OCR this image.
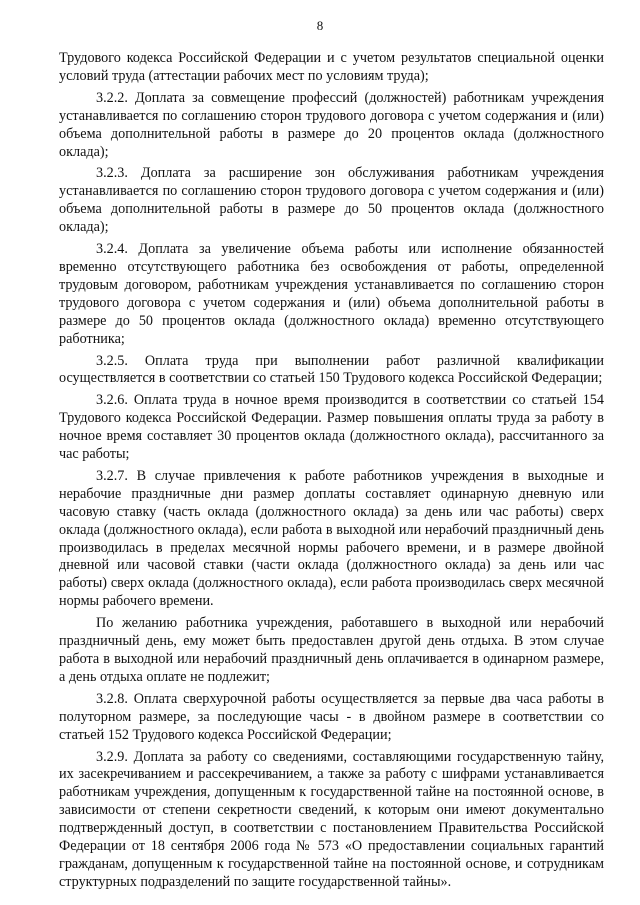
8

Трудового кодекса Российской Федерации и с учетом результатов специальной оценки условий труда (аттестации рабочих мест по условиям труда);

3.2.2. Доплата за совмещение профессий (должностей) работникам учреждения устанавливается по соглашению сторон трудового договора с учетом содержания и (или) объема дополнительной работы в размере до 20 процентов оклада (должностного оклада);

3.2.3. Доплата за расширение зон обслуживания работникам учреждения устанавливается по соглашению сторон трудового договора с учетом содержания и (или) объема дополнительной работы в размере до 50 процентов оклада (должностного оклада);

3.2.4. Доплата за увеличение объема работы или исполнение обязанностей временно отсутствующего работника без освобождения от работы, определенной трудовым договором, работникам учреждения устанавливается по соглашению сторон трудового договора с учетом содержания и (или) объема дополнительной работы в размере до 50 процентов оклада (должностного оклада) временно отсутствующего работника;

3.2.5. Оплата труда при выполнении работ различной квалификации осуществляется в соответствии со статьей 150 Трудового кодекса Российской Федерации;

3.2.6. Оплата труда в ночное время производится в соответствии со статьей 154 Трудового кодекса Российской Федерации. Размер повышения оплаты труда за работу в ночное время составляет 30 процентов оклада (должностного оклада), рассчитанного за час работы;

3.2.7. В случае привлечения к работе работников учреждения в выходные и нерабочие праздничные дни размер доплаты составляет одинарную дневную или часовую ставку (часть оклада (должностного оклада) за день или час работы) сверх оклада (должностного оклада), если работа в выходной или нерабочий праздничный день производилась в пределах месячной нормы рабочего времени, и в размере двойной дневной или часовой ставки (части оклада (должностного оклада) за день или час работы) сверх оклада (должностного оклада), если работа производилась сверх месячной нормы рабочего времени.

По желанию работника учреждения, работавшего в выходной или нерабочий праздничный день, ему может быть предоставлен другой день отдыха. В этом случае работа в выходной или нерабочий праздничный день оплачивается в одинарном размере, а день отдыха оплате не подлежит;

3.2.8. Оплата сверхурочной работы осуществляется за первые два часа работы в полуторном размере, за последующие часы - в двойном размере в соответствии со статьей 152 Трудового кодекса Российской Федерации;

3.2.9. Доплата за работу со сведениями, составляющими государственную тайну, их засекречиванием и рассекречиванием, а также за работу с шифрами устанавливается работникам учреждения, допущенным к государственной тайне на постоянной основе, в зависимости от степени секретности сведений, к которым они имеют документально подтвержденный доступ, в соответствии с постановлением Правительства Российской Федерации от 18 сентября 2006 года № 573 «О предоставлении социальных гарантий гражданам, допущенным к государственной тайне на постоянной основе, и сотрудникам структурных подразделений по защите государственной тайны».
